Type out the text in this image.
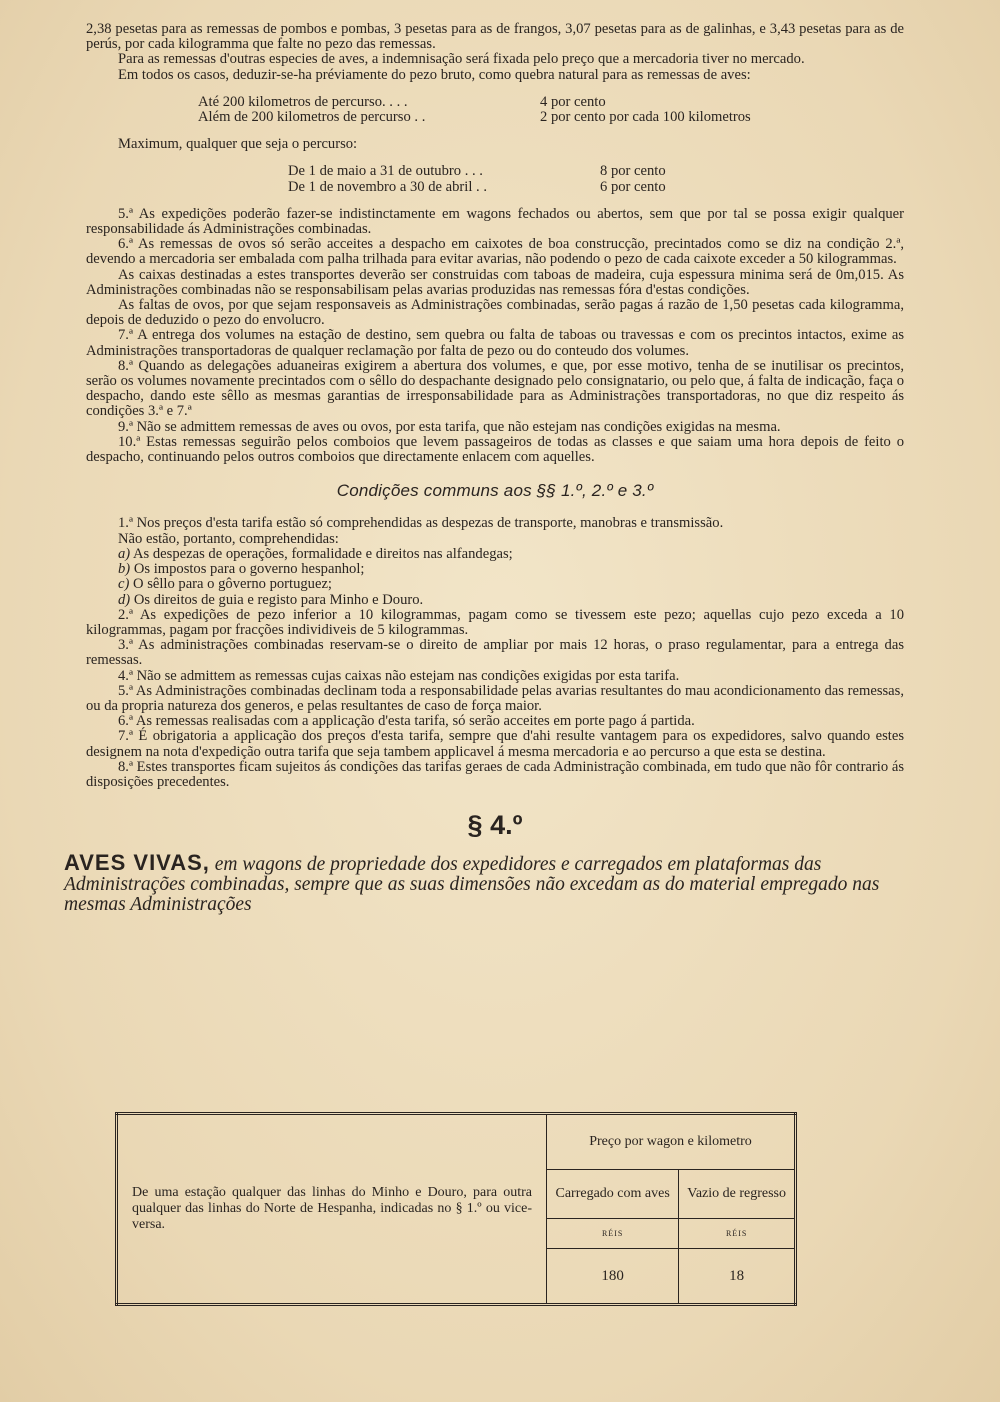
2,38 pesetas para as remessas de pombos e pombas, 3 pesetas para as de frangos, 3,07 pesetas para as de galinhas, e 3,43 pesetas para as de perús, por cada kilogramma que falte no pezo das remessas.

Para as remessas d'outras especies de aves, a indemnisação será fixada pelo preço que a mercadoria tiver no mercado.

Em todos os casos, deduzir-se-ha préviamente do pezo bruto, como quebra natural para as remessas de aves:

Até 200 kilometros de percurso. . . .	4 por cento
Além de 200 kilometros de percurso . .	2 por cento por cada 100 kilometros

Maximum, qualquer que seja o percurso:

De 1 de maio a 31 de outubro . . .	8 por cento
De 1 de novembro a 30 de abril . .	6 por cento

5.ª As expedições poderão fazer-se indistinctamente em wagons fechados ou abertos, sem que por tal se possa exigir qualquer responsabilidade ás Administrações combinadas.

6.ª As remessas de ovos só serão acceites a despacho em caixotes de boa construcção, precintados como se diz na condição 2.ª, devendo a mercadoria ser embalada com palha trilhada para evitar avarias, não podendo o pezo de cada caixote exceder a 50 kilogrammas.

As caixas destinadas a estes transportes deverão ser construidas com taboas de madeira, cuja espessura minima será de 0m,015. As Administrações combinadas não se responsabilisam pelas avarias produzidas nas remessas fóra d'estas condições.

As faltas de ovos, por que sejam responsaveis as Administrações combinadas, serão pagas á razão de 1,50 pesetas cada kilogramma, depois de deduzido o pezo do envolucro.

7.ª A entrega dos volumes na estação de destino, sem quebra ou falta de taboas ou travessas e com os precintos intactos, exime as Administrações transportadoras de qualquer reclamação por falta de pezo ou do conteudo dos volumes.

8.ª Quando as delegações aduaneiras exigirem a abertura dos volumes, e que, por esse motivo, tenha de se inutilisar os precintos, serão os volumes novamente precintados com o sêllo do despachante designado pelo consignatario, ou pelo que, á falta de indicação, faça o despacho, dando este sêllo as mesmas garantias de irresponsabilidade para as Administrações transportadoras, no que diz respeito ás condições 3.ª e 7.ª

9.ª Não se admittem remessas de aves ou ovos, por esta tarifa, que não estejam nas condições exigidas na mesma.

10.ª Estas remessas seguirão pelos comboios que levem passageiros de todas as classes e que saiam uma hora depois de feito o despacho, continuando pelos outros comboios que directamente enlacem com aquelles.

Condições communs aos §§ 1.º, 2.º e 3.º

1.ª Nos preços d'esta tarifa estão só comprehendidas as despezas de transporte, manobras e transmissão.

Não estão, portanto, comprehendidas:

a) As despezas de operações, formalidade e direitos nas alfandegas;
b) Os impostos para o governo hespanhol;
c) O sêllo para o gôverno portuguez;
d) Os direitos de guia e registo para Minho e Douro.

2.ª As expedições de pezo inferior a 10 kilogrammas, pagam como se tivessem este pezo; aquellas cujo pezo exceda a 10 kilogrammas, pagam por fracções individiveis de 5 kilogrammas.

3.ª As administrações combinadas reservam-se o direito de ampliar por mais 12 horas, o praso regulamentar, para a entrega das remessas.

4.ª Não se admittem as remessas cujas caixas não estejam nas condições exigidas por esta tarifa.

5.ª As Administrações combinadas declinam toda a responsabilidade pelas avarias resultantes do mau acondicionamento das remessas, ou da propria natureza dos generos, e pelas resultantes de caso de força maior.

6.ª As remessas realisadas com a applicação d'esta tarifa, só serão acceites em porte pago á partida.

7.ª É obrigatoria a applicação dos preços d'esta tarifa, sempre que d'ahi resulte vantagem para os expedidores, salvo quando estes designem na nota d'expedição outra tarifa que seja tambem applicavel á mesma mercadoria e ao percurso a que esta se destina.

8.ª Estes transportes ficam sujeitos ás condições das tarifas geraes de cada Administração combinada, em tudo que não fôr contrario ás disposições precedentes.

§ 4.º
AVES VIVAS, em wagons de propriedade dos expedidores e carregados em plataformas das Administrações combinadas, sempre que as suas dimensões não excedam as do material empregado nas mesmas Administrações
De uma estação qualquer das linhas do Minho e Douro, para outra qualquer das linhas do Norte de Hespanha, indicadas no § 1.º ou vice-versa.	Preço por wagon e kilometro	
	Carregado com aves	Vazio de regresso
	RÉIS	RÉIS
	180	18
